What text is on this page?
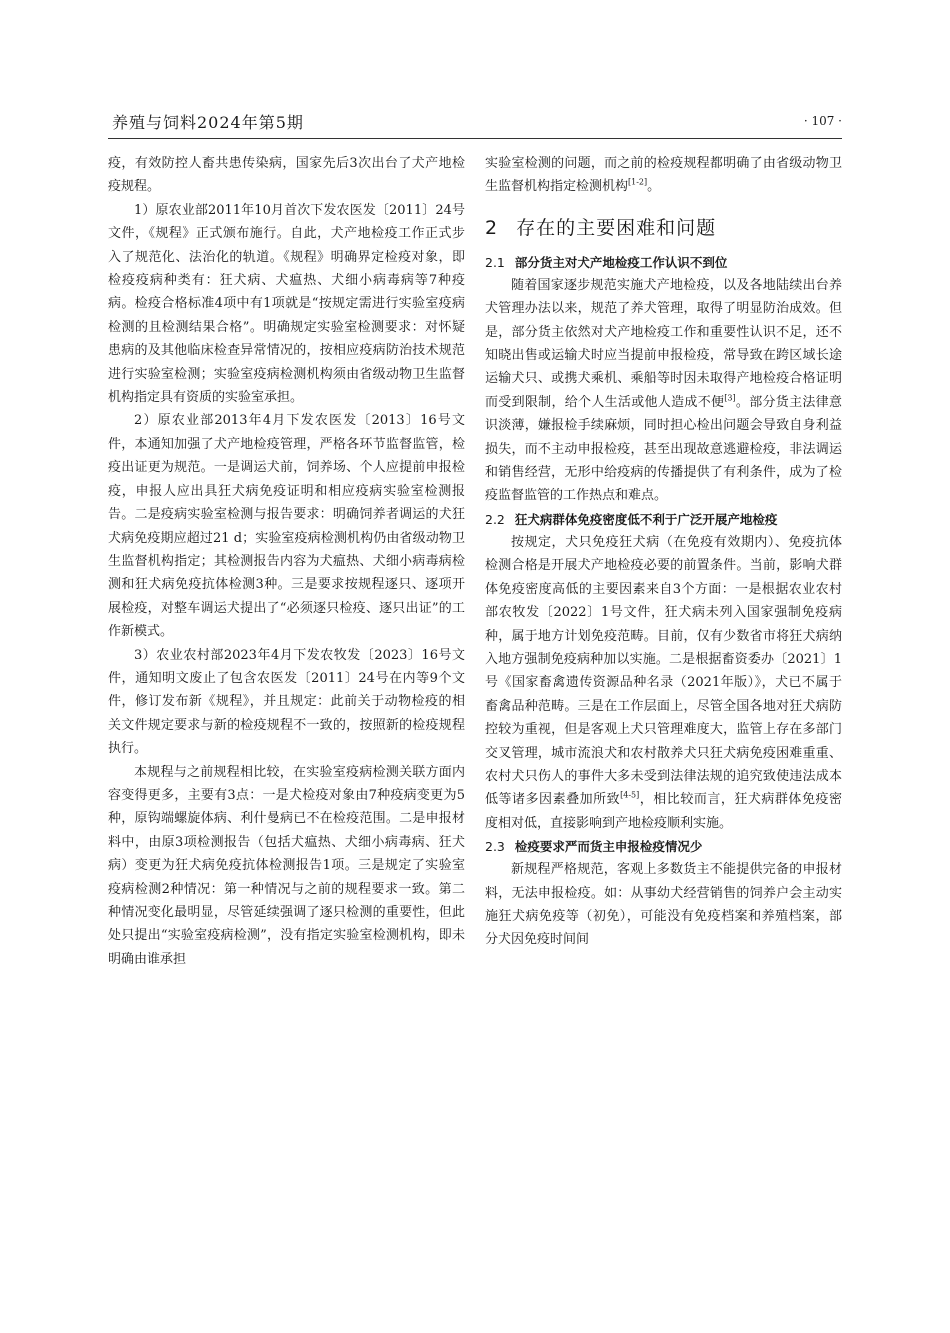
养殖与饲料2024年第5期	· 107 ·

疫，有效防控人畜共患传染病，国家先后3次出台了犬产地检疫规程。

1）原农业部2011年10月首次下发农医发〔2011〕24号文件，《规程》正式颁布施行。自此，犬产地检疫工作正式步入了规范化、法治化的轨道。《规程》明确界定检疫对象，即检疫疫病种类有：狂犬病、犬瘟热、犬细小病毒病等7种疫病。检疫合格标准4项中有1项就是“按规定需进行实验室疫病检测的且检测结果合格”。明确规定实验室检测要求：对怀疑患病的及其他临床检查异常情况的，按相应疫病防治技术规范进行实验室检测；实验室疫病检测机构须由省级动物卫生监督机构指定具有资质的实验室承担。

2）原农业部2013年4月下发农医发〔2013〕16号文件，本通知加强了犬产地检疫管理，严格各环节监督监管，检疫出证更为规范。一是调运犬前，饲养场、个人应提前申报检疫，申报人应出具狂犬病免疫证明和相应疫病实验室检测报告。二是疫病实验室检测与报告要求：明确饲养者调运的犬狂犬病免疫期应超过21 d；实验室疫病检测机构仍由省级动物卫生监督机构指定；其检测报告内容为犬瘟热、犬细小病毒病检测和狂犬病免疫抗体检测3种。三是要求按规程逐只、逐项开展检疫，对整车调运犬提出了“必须逐只检疫、逐只出证”的工作新模式。

3）农业农村部2023年4月下发农牧发〔2023〕16号文件，通知明文废止了包含农医发〔2011〕24号在内等9个文件，修订发布新《规程》，并且规定：此前关于动物检疫的相关文件规定要求与新的检疫规程不一致的，按照新的检疫规程执行。

本规程与之前规程相比较，在实验室疫病检测关联方面内容变得更多，主要有3点：一是犬检疫对象由7种疫病变更为5种，原钩端螺旋体病、利什曼病已不在检疫范围。二是申报材料中，由原3项检测报告（包括犬瘟热、犬细小病毒病、狂犬病）变更为狂犬病免疫抗体检测报告1项。三是规定了实验室疫病检测2种情况：第一种情况与之前的规程要求一致。第二种情况变化最明显，尽管延续强调了逐只检测的重要性，但此处只提出“实验室疫病检测”，没有指定实验室检测机构，即未明确由谁承担

实验室检测的问题，而之前的检疫规程都明确了由省级动物卫生监督机构指定检测机构[1-2]。

2 存在的主要困难和问题
2.1 部分货主对犬产地检疫工作认识不到位

随着国家逐步规范实施犬产地检疫，以及各地陆续出台养犬管理办法以来，规范了养犬管理，取得了明显防治成效。但是，部分货主依然对犬产地检疫工作和重要性认识不足，还不知晓出售或运输犬时应当提前申报检疫，常导致在跨区域长途运输犬只、或携犬乘机、乘船等时因未取得产地检疫合格证明而受到限制，给个人生活或他人造成不便[3]。部分货主法律意识淡薄，嫌报检手续麻烦，同时担心检出问题会导致自身利益损失，而不主动申报检疫，甚至出现故意逃避检疫，非法调运和销售经营，无形中给疫病的传播提供了有利条件，成为了检疫监督监管的工作热点和难点。

2.2 狂犬病群体免疫密度低不利于广泛开展产地检疫

按规定，犬只免疫狂犬病（在免疫有效期内）、免疫抗体检测合格是开展犬产地检疫必要的前置条件。当前，影响犬群体免疫密度高低的主要因素来自3个方面：一是根据农业农村部农牧发〔2022〕1号文件，狂犬病未列入国家强制免疫病种，属于地方计划免疫范畴。目前，仅有少数省市将狂犬病纳入地方强制免疫病种加以实施。二是根据畜资委办〔2021〕1号《国家畜禽遗传资源品种名录（2021年版）》，犬已不属于畜禽品种范畴。三是在工作层面上，尽管全国各地对狂犬病防控较为重视，但是客观上犬只管理难度大，监管上存在多部门交叉管理，城市流浪犬和农村散养犬只狂犬病免疫困难重重、农村犬只伤人的事件大多未受到法律法规的追究致使违法成本低等诸多因素叠加所致[4-5]，相比较而言，狂犬病群体免疫密度相对低，直接影响到产地检疫顺利实施。

2.3 检疫要求严而货主申报检疫情况少

新规程严格规范，客观上多数货主不能提供完备的申报材料，无法申报检疫。如：从事幼犬经营销售的饲养户会主动实施狂犬病免疫等（初免），可能没有免疫档案和养殖档案，部分犬因免疫时间间
